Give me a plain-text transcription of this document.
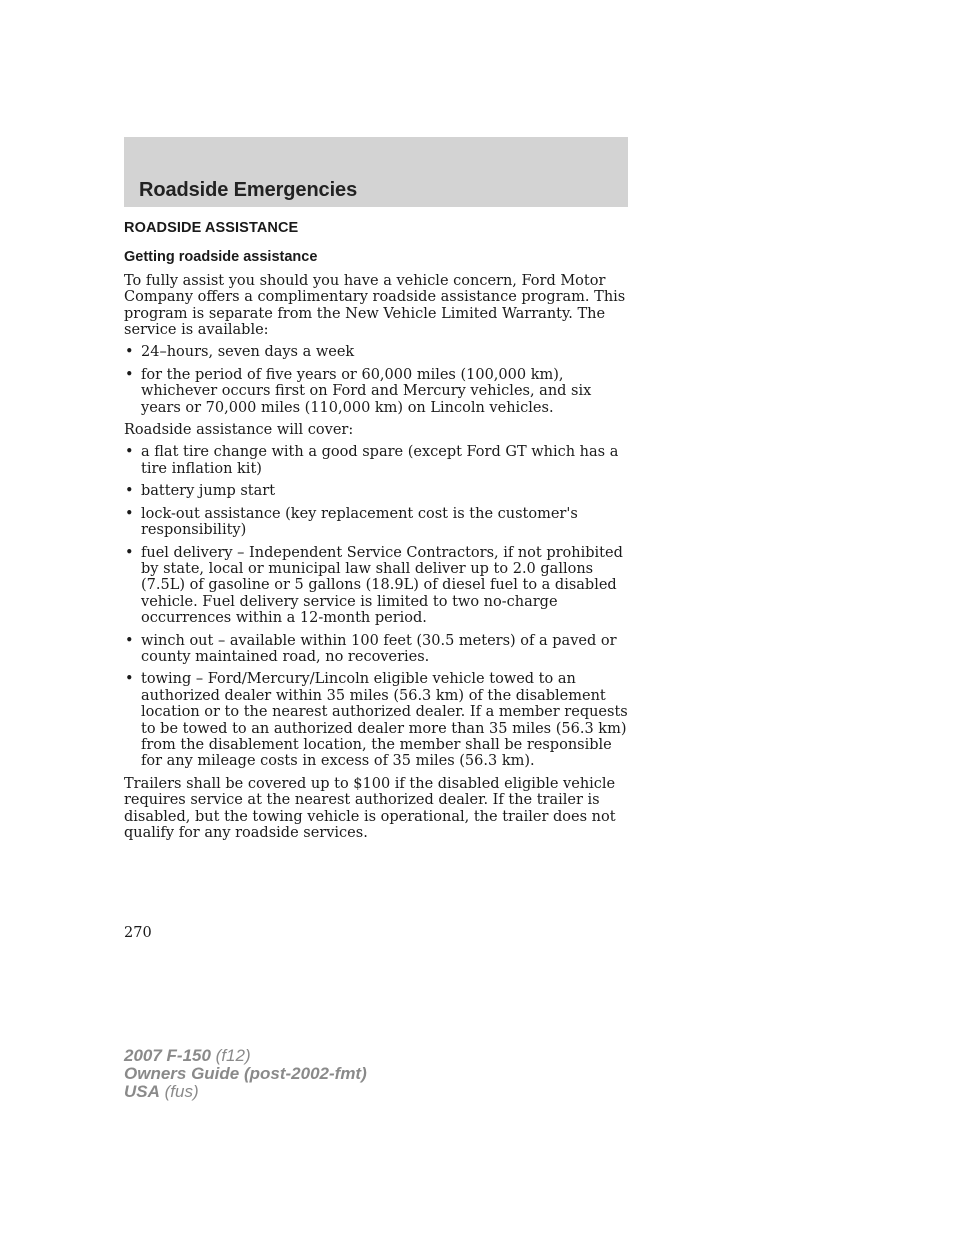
Roadside Emergencies
ROADSIDE ASSISTANCE
Getting roadside assistance

To fully assist you should you have a vehicle concern, Ford Motor Company offers a complimentary roadside assistance program. This program is separate from the New Vehicle Limited Warranty. The service is available:

• 24–hours, seven days a week
• for the period of five years or 60,000 miles (100,000 km), whichever occurs first on Ford and Mercury vehicles, and six years or 70,000 miles (110,000 km) on Lincoln vehicles.

Roadside assistance will cover:

• a flat tire change with a good spare (except Ford GT which has a tire inflation kit)
• battery jump start
• lock-out assistance (key replacement cost is the customer's responsibility)
• fuel delivery – Independent Service Contractors, if not prohibited by state, local or municipal law shall deliver up to 2.0 gallons (7.5L) of gasoline or 5 gallons (18.9L) of diesel fuel to a disabled vehicle. Fuel delivery service is limited to two no-charge occurrences within a 12-month period.
• winch out – available within 100 feet (30.5 meters) of a paved or county maintained road, no recoveries.
• towing – Ford/Mercury/Lincoln eligible vehicle towed to an authorized dealer within 35 miles (56.3 km) of the disablement location or to the nearest authorized dealer. If a member requests to be towed to an authorized dealer more than 35 miles (56.3 km) from the disablement location, the member shall be responsible for any mileage costs in excess of 35 miles (56.3 km).

Trailers shall be covered up to $100 if the disabled eligible vehicle requires service at the nearest authorized dealer. If the trailer is disabled, but the towing vehicle is operational, the trailer does not qualify for any roadside services.

270
2007 F-150 (f12)
Owners Guide (post-2002-fmt)
USA (fus)
